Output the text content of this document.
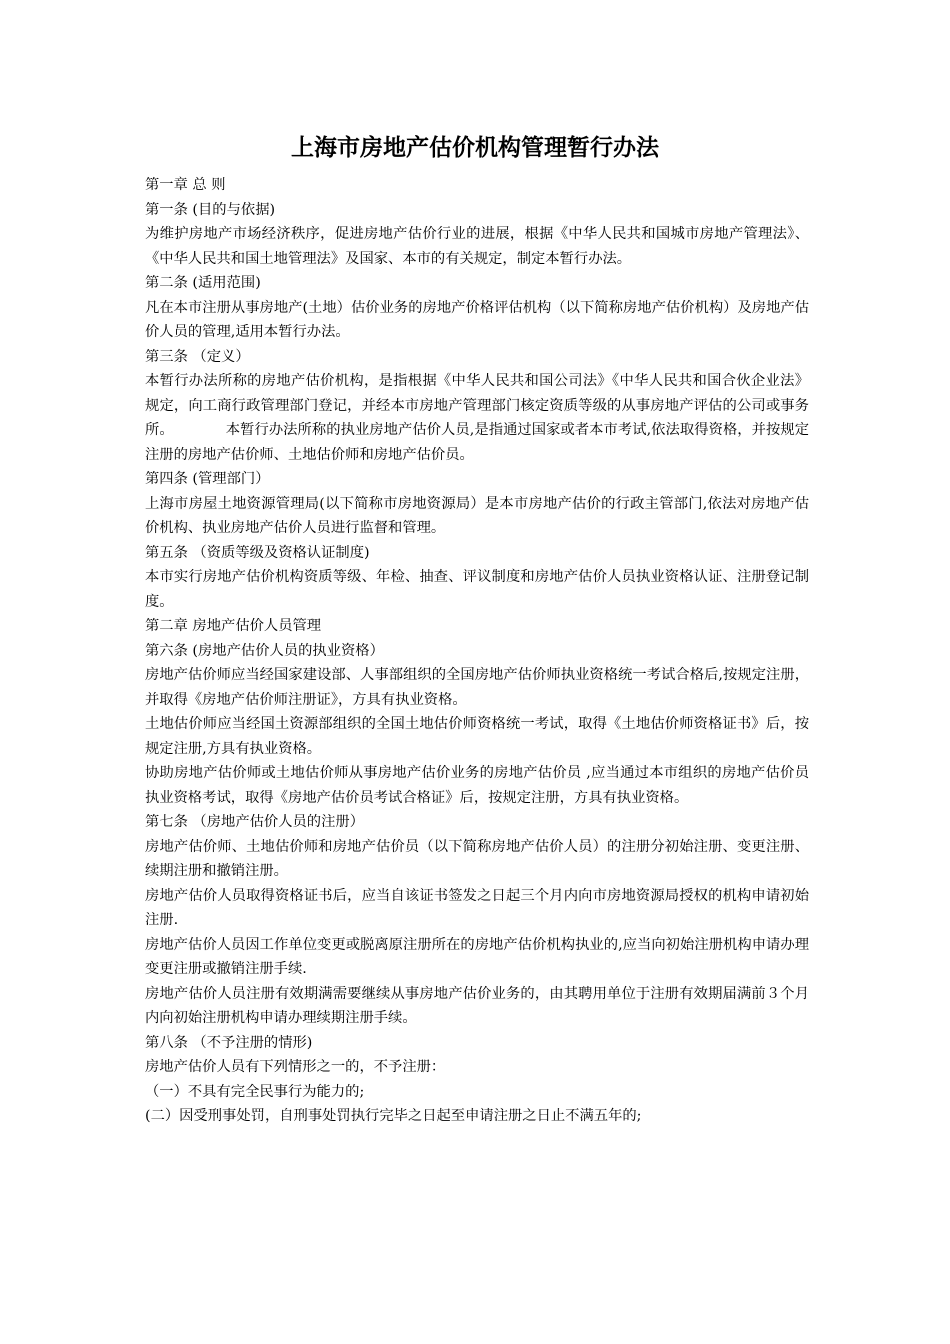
上海市房地产估价机构管理暂行办法

第一章 总 则

第一条 (目的与依据)

为维护房地产市场经济秩序，促进房地产估价行业的进展，根据《中华人民共和国城市房地产管理法》、《中华人民共和国土地管理法》及国家、本市的有关规定，制定本暂行办法。

第二条 (适用范围)

凡在本市注册从事房地产(土地）估价业务的房地产价格评估机构（以下简称房地产估价机构）及房地产估价人员的管理,适用本暂行办法。

第三条 （定义）

本暂行办法所称的房地产估价机构，是指根据《中华人民共和国公司法》《中华人民共和国合伙企业法》规定，向工商行政管理部门登记，并经本市房地产管理部门核定资质等级的从事房地产评估的公司或事务所。	本暂行办法所称的执业房地产估价人员,是指通过国家或者本市考试,依法取得资格，并按规定注册的房地产估价师、土地估价师和房地产估价员。

第四条 (管理部门）

上海市房屋土地资源管理局(以下简称市房地资源局）是本市房地产估价的行政主管部门,依法对房地产估价机构、执业房地产估价人员进行监督和管理。

第五条 （资质等级及资格认证制度)

本市实行房地产估价机构资质等级、年检、抽查、评议制度和房地产估价人员执业资格认证、注册登记制度。

第二章 房地产估价人员管理

第六条 (房地产估价人员的执业资格）

房地产估价师应当经国家建设部、人事部组织的全国房地产估价师执业资格统一考试合格后,按规定注册，并取得《房地产估价师注册证》，方具有执业资格。

土地估价师应当经国土资源部组织的全国土地估价师资格统一考试，取得《土地估价师资格证书》后，按规定注册,方具有执业资格。

协助房地产估价师或土地估价师从事房地产估价业务的房地产估价员 ,应当通过本市组织的房地产估价员执业资格考试，取得《房地产估价员考试合格证》后，按规定注册，方具有执业资格。

第七条 （房地产估价人员的注册）

房地产估价师、土地估价师和房地产估价员（以下简称房地产估价人员）的注册分初始注册、变更注册、续期注册和撤销注册。

房地产估价人员取得资格证书后，应当自该证书签发之日起三个月内向市房地资源局授权的机构申请初始注册.

房地产估价人员因工作单位变更或脱离原注册所在的房地产估价机构执业的,应当向初始注册机构申请办理变更注册或撤销注册手续.

房地产估价人员注册有效期满需要继续从事房地产估价业务的，由其聘用单位于注册有效期届满前３个月内向初始注册机构申请办理续期注册手续。

第八条 （不予注册的情形)

房地产估价人员有下列情形之一的，不予注册：

（一）不具有完全民事行为能力的;

(二）因受刑事处罚，自刑事处罚执行完毕之日起至申请注册之日止不满五年的;
